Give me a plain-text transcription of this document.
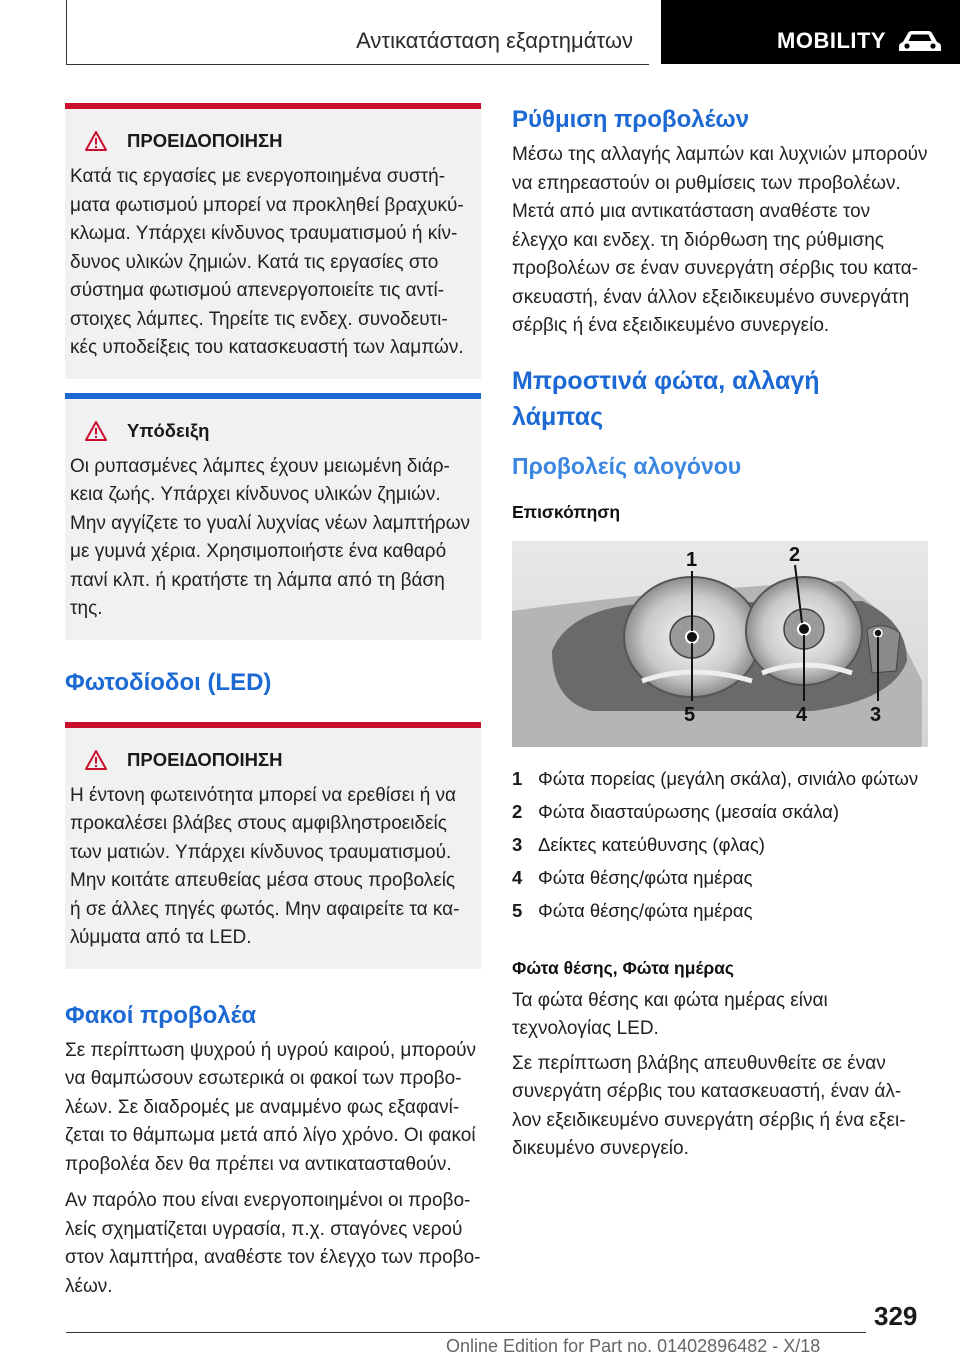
Αντικατάσταση εξαρτημάτων	MOBILITY
ΠΡΟΕΙΔΟΠΟΙΗΣΗ
Κατά τις εργασίες με ενεργοποιημένα συστή-
ματα φωτισμού μπορεί να προκληθεί βραχυκύ-
κλωμα. Υπάρχει κίνδυνος τραυματισμού ή κίν-
δυνος υλικών ζημιών. Κατά τις εργασίες στο
σύστημα φωτισμού απενεργοποιείτε τις αντί-
στοιχες λάμπες. Τηρείτε τις ενδεχ. συνοδευτι-
κές υποδείξεις του κατασκευαστή των λαμπών.
Υπόδειξη
Οι ρυπασμένες λάμπες έχουν μειωμένη διάρ-
κεια ζωής. Υπάρχει κίνδυνος υλικών ζημιών.
Μην αγγίζετε το γυαλί λυχνίας νέων λαμπτήρων
με γυμνά χέρια. Χρησιμοποιήστε ένα καθαρό
πανί κλπ. ή κρατήστε τη λάμπα από τη βάση
της.
Φωτοδίοδοι (LED)
ΠΡΟΕΙΔΟΠΟΙΗΣΗ
Η έντονη φωτεινότητα μπορεί να ερεθίσει ή να
προκαλέσει βλάβες στους αμφιβληστροειδείς
των ματιών. Υπάρχει κίνδυνος τραυματισμού.
Μην κοιτάτε απευθείας μέσα στους προβολείς
ή σε άλλες πηγές φωτός. Μην αφαιρείτε τα κα-
λύμματα από τα LED.
Φακοί προβολέα

Σε περίπτωση ψυχρού ή υγρού καιρού, μπορούν
να θαμπώσουν εσωτερικά οι φακοί των προβο-
λέων. Σε διαδρομές με αναμμένο φως εξαφανί-
ζεται το θάμπωμα μετά από λίγο χρόνο. Οι φακοί
προβολέα δεν θα πρέπει να αντικατασταθούν.

Αν παρόλο που είναι ενεργοποιημένοι οι προβο-
λείς σχηματίζεται υγρασία, π.χ. σταγόνες νερού
στον λαμπτήρα, αναθέστε τον έλεγχο των προβο-
λέων.

Ρύθμιση προβολέων

Μέσω της αλλαγής λαμπών και λυχνιών μπορούν
να επηρεαστούν οι ρυθμίσεις των προβολέων.
Μετά από μια αντικατάσταση αναθέστε τον
έλεγχο και ενδεχ. τη διόρθωση της ρύθμισης
προβολέων σε έναν συνεργάτη σέρβις του κατα-
σκευαστή, έναν άλλον εξειδικευμένο συνεργάτη
σέρβις ή ένα εξειδικευμένο συνεργείο.

Μπροστινά φώτα, αλλαγή
λάμπας
Προβολείς αλογόνου

Επισκόπηση

1	2
3
4
5
1 Φώτα πορείας (μεγάλη σκάλα), σινιάλο φώτων
2 Φώτα διασταύρωσης (μεσαία σκάλα)
3 Δείκτες κατεύθυνσης (φλας)
4 Φώτα θέσης/φώτα ημέρας
5 Φώτα θέσης/φώτα ημέρας

Φώτα θέσης, Φώτα ημέρας

Τα φώτα θέσης και φώτα ημέρας είναι
τεχνολογίας LED.

Σε περίπτωση βλάβης απευθυνθείτε σε έναν
συνεργάτη σέρβις του κατασκευαστή, έναν άλ-
λον εξειδικευμένο συνεργάτη σέρβις ή ένα εξει-
δικευμένο συνεργείο.

329
Online Edition for Part no. 01402896482 - X/18
